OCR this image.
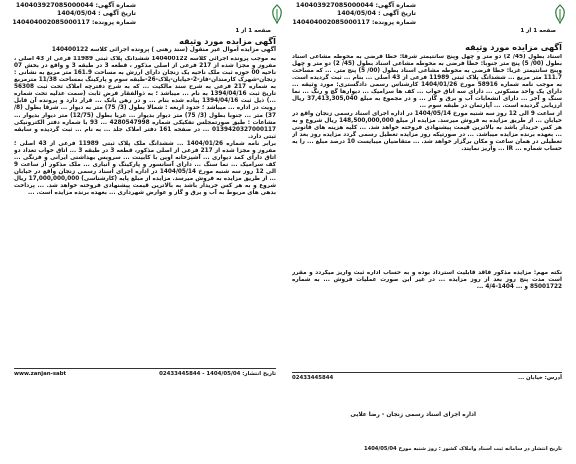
شماره آگهی: 140403927085000044
تاریخ آگهی : 1404/05/04
شماره پرونده: 140404002085000117
صفحه 1 از 1
آگهی مزایده مورد وثیقه
آگهی مزایده اموال غیر منقول (سند رهنی ) پرونده اجرائی کلاسه 140400122

به موجب پرونده اجرائی کلاسه 140400122 ششدانگ پلاک ثبتی 11989 فرعی از 43 اصلی ، مفروز و مجزا شده از 217 فرعی از اصلی مذکور ، قطعه 3 در طبقه 3 و واقع در بخش 07 ناحیه 00 حوزه ثبت ملک ناحیه یک زنجان دارای ارزش به مساحت 161.9 متر مربع به نشانی : زنجان-شهرک کارمندان-فاز-2-خیابان-پلاک-26-طبقه سوم و پارکینگ بمساحت 11/38 مترمربع به شماره 217 فرعی به شرح سند مالکیت ... که به شرح دفترچه املاک تحت ثبت 56308 تاریخ ثبت 1394/04/16 به نام ... میباشد ؛ به ذوالفقار فرض ثابت (سمت عدلیه تحت شماره ...) ذیل ثبت 1394/04/16 پیاده شده بنام ... و در رهن بانک ... قرار دارد و پرونده آن قابل رویت در اداره ... میباشد ؛ حدود اربعه : شمالا بطول (3/ 75) متر به دیوار ... شرقا بطول (8/ 37) متر ... جنوبا بطول (3/ 75) متر دیوار بدیوار ... غربا بطول (12/75) متر دیوار بدیوار ... مشاعات : طبق صورتمجلس تفکیکی شماره 4280547998 ... 93 با شماره دفتر الکترونیکی 0139420327000117 ... در صفحه 161 دفتر املاک جلد ... به نام ... ثبت گردیده و سابقه ثبتی دارد.

برابر نامه شماره 1404/01/26 ... ششدانگ ملک پلاک ثبتی 11989 فرعی از 43 اصلی ؛ مفروز و مجزا شده از 217 فرعی از اصلی مذکور، قطعه 3 در طبقه 3 ... اتاق خواب تعداد دو اتاق دارای کمد دیواری ... آشپزخانه اوپن با کابینت ... سرویس بهداشتی ایرانی و فرنگی ... کف سرامیک ... نما سنگ ... دارای آسانسور و پارکینگ و انباری ... ملک مذکور از ساعت 9 الی 12 روز سه شنبه مورخ 1404/05/14 در اداره اجرای اسناد رسمی زنجان واقع در خیابان ... از طریق مزایده به فروش میرسد. مزایده از مبلغ پایه (کارشناسی) 17,000,000,000 ریال شروع و به هر کس خریدار باشد به بالاترین قیمت پیشنهادی فروخته خواهد شد. ... پرداخت بدهی های مربوط به آب و برق و گاز و عوارض شهرداری ... بعهده برنده مزایده است. ...

www.zanjan-sabt	تاریخ انتشار: 1404/05/04 - 02433445844
شماره آگهی: 140403927085000044
تاریخ آگهی : 1404/05/04
شماره پرونده: 140404002085000117
صفحه 1 از 1
آگهی مزایده مورد وثیقه

اسناد بطول (45/ 2) دو متر و چهل وپنج سانتیمتر شرقا: خطا فرضی به محوطه مشاعی اسناد بطول (00/ 5) پنج متر جنوبا: خطا فرضی به محوطه مشاعی اسناد بطول (45/ 2) دو متر و چهل وپنج سانتیمتر غربا: خطا فرضی به محوطه مشاعی اسناد بطول (00/ 5) پنج متر. ... که مساحت 111.7 متر مربع ... ششدانگ پلاک ثبتی 11989 فرعی از 43 اصلی ... بنام ... ثبت گردیده است. به موجب نامه شماره 58916 مورخ 1404/01/26 کارشناس رسمی دادگستری: مورد وثیقه ... دارای یک واحد مسکونی ... دارای سه اتاق خواب ... کف ها سرامیک ... دیوارها گچ و رنگ ... نما سنگ و آجر ... دارای انشعابات آب و برق و گاز ... و در مجموع به مبلغ 37,413,305,040 ریال ارزیابی گردیده است. ... آپارتمان در طبقه سوم ...

از ساعت 9 الی 12 روز سه شنبه مورخ 1404/05/14 در اداره اجرای اسناد رسمی زنجان واقع در خیابان ... از طریق مزایده به فروش میرسد. مزایده از مبلغ 148,500,000,000 ریال شروع و به هر کس خریدار باشد به بالاترین قیمت پیشنهادی فروخته خواهد شد. ... کلیه هزینه های قانونی ... بعهده برنده مزایده میباشد. ... در صورتیکه روز مزایده تعطیل رسمی گردد مزایده روز بعد از تعطیلی در همان ساعت و مکان برگزار خواهد شد. ... متقاضیان میبایست 10 درصد مبلغ ... را به حساب شماره ... IR ... واریز نمایند.

نکته مهم: مزایده مذکور فاقد قابلیت استرداد بوده و به حساب اداره ثبت واریز میگردد و مقرر است مدت پنج روز بعد از روز مزایده ... در غیر این صورت عملیات فروش ... به شماره 85001722 و ... 1404-4/4 ...

اداره اجرای اسناد رسمی زنجان - رضا علایی
تاریخ انتشار در سامانه ثبت اسناد واملاک کشور : روز شنبه مورخ 1404/05/04
02433445844	آدرس: خیابان ...
